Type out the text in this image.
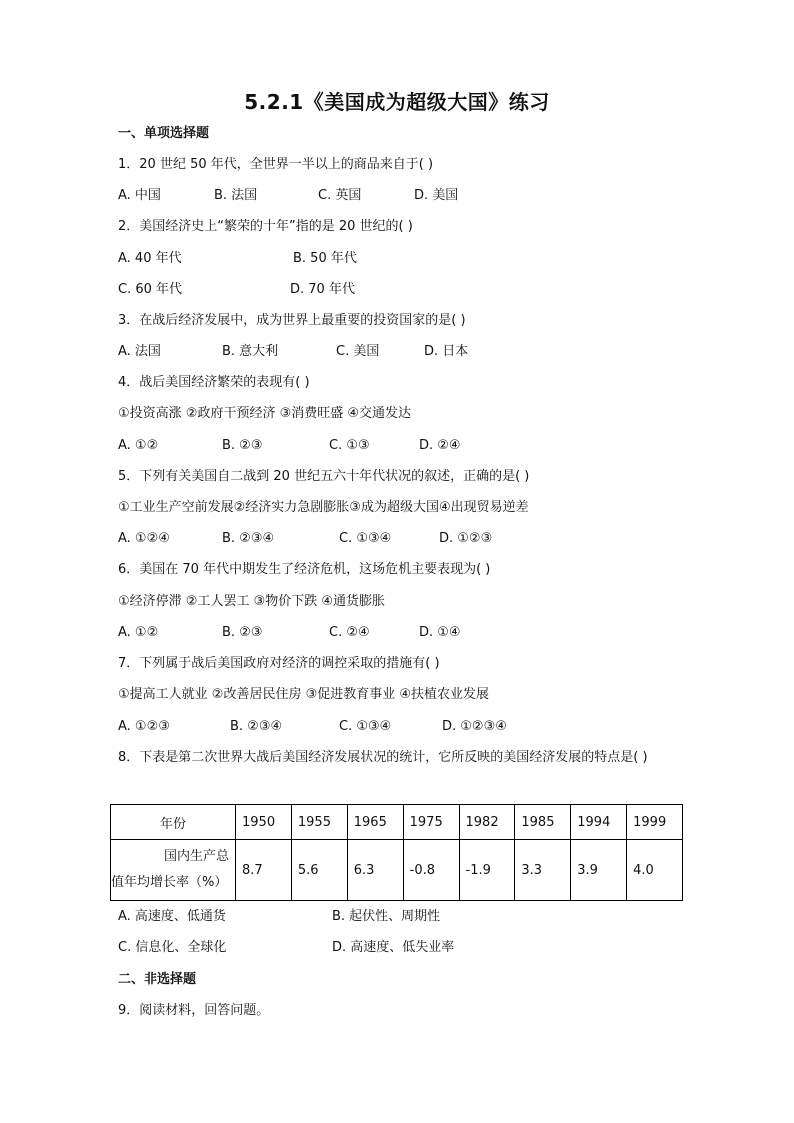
5.2.1《美国成为超级大国》练习
一、单项选择题
1．20 世纪 50 年代，全世界一半以上的商品来自于( )
A. 中国	B. 法国	C. 英国	D. 美国
2．美国经济史上“繁荣的十年”指的是 20 世纪的( )
A. 40 年代	B. 50 年代
C. 60 年代	D. 70 年代
3．在战后经济发展中，成为世界上最重要的投资国家的是( )
A. 法国	B. 意大利	C. 美国	D. 日本
4．战后美国经济繁荣的表现有( )
①投资高涨 ②政府干预经济 ③消费旺盛 ④交通发达
A. ①②	B. ②③	C. ①③	D. ②④
5．下列有关美国自二战到 20 世纪五六十年代状况的叙述，正确的是( )
①工业生产空前发展②经济实力急剧膨胀③成为超级大国④出现贸易逆差
A. ①②④	B. ②③④	C. ①③④	D. ①②③
6．美国在 70 年代中期发生了经济危机，这场危机主要表现为( )
①经济停滞 ②工人罢工 ③物价下跌 ④通货膨胀
A. ①②	B. ②③	C. ②④	D. ①④
7．下列属于战后美国政府对经济的调控采取的措施有( )
①提高工人就业 ②改善居民住房 ③促进教育事业 ④扶植农业发展
A. ①②③	B. ②③④	C. ①③④	D. ①②③④
8．下表是第二次世界大战后美国经济发展状况的统计，它所反映的美国经济发展的特点是( )
年份	1950	1955	1965	1975	1982	1985	1994	1999

国内生产总
值年均增长率（%）	8.7	5.6	6.3	-0.8	-1.9	3.3	3.9	4.0
A. 高速度、低通货	B. 起伏性、周期性
C. 信息化、全球化	D. 高速度、低失业率
二、非选择题
9．阅读材料，回答问题。
